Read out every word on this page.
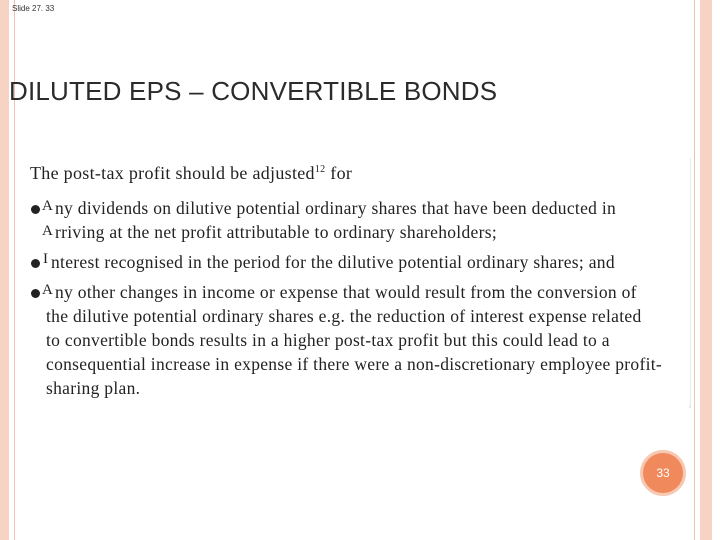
Slide 27. 33
DILUTED EPS – CONVERTIBLE BONDS
The post-tax profit should be adjusted$^{12}$ for
A ny dividends on dilutive potential ordinary shares that have been deducted in
A rriving at the net profit attributable to ordinary shareholders;
I nterest recognised in the period for the dilutive potential ordinary shares; and
A ny other changes in income or expense that would result from the conversion of
the dilutive potential ordinary shares e.g. the reduction of interest expense related
to convertible bonds results in a higher post-tax profit but this could lead to a
consequential increase in expense if there were a non-discretionary employee profit-
sharing plan.
33
